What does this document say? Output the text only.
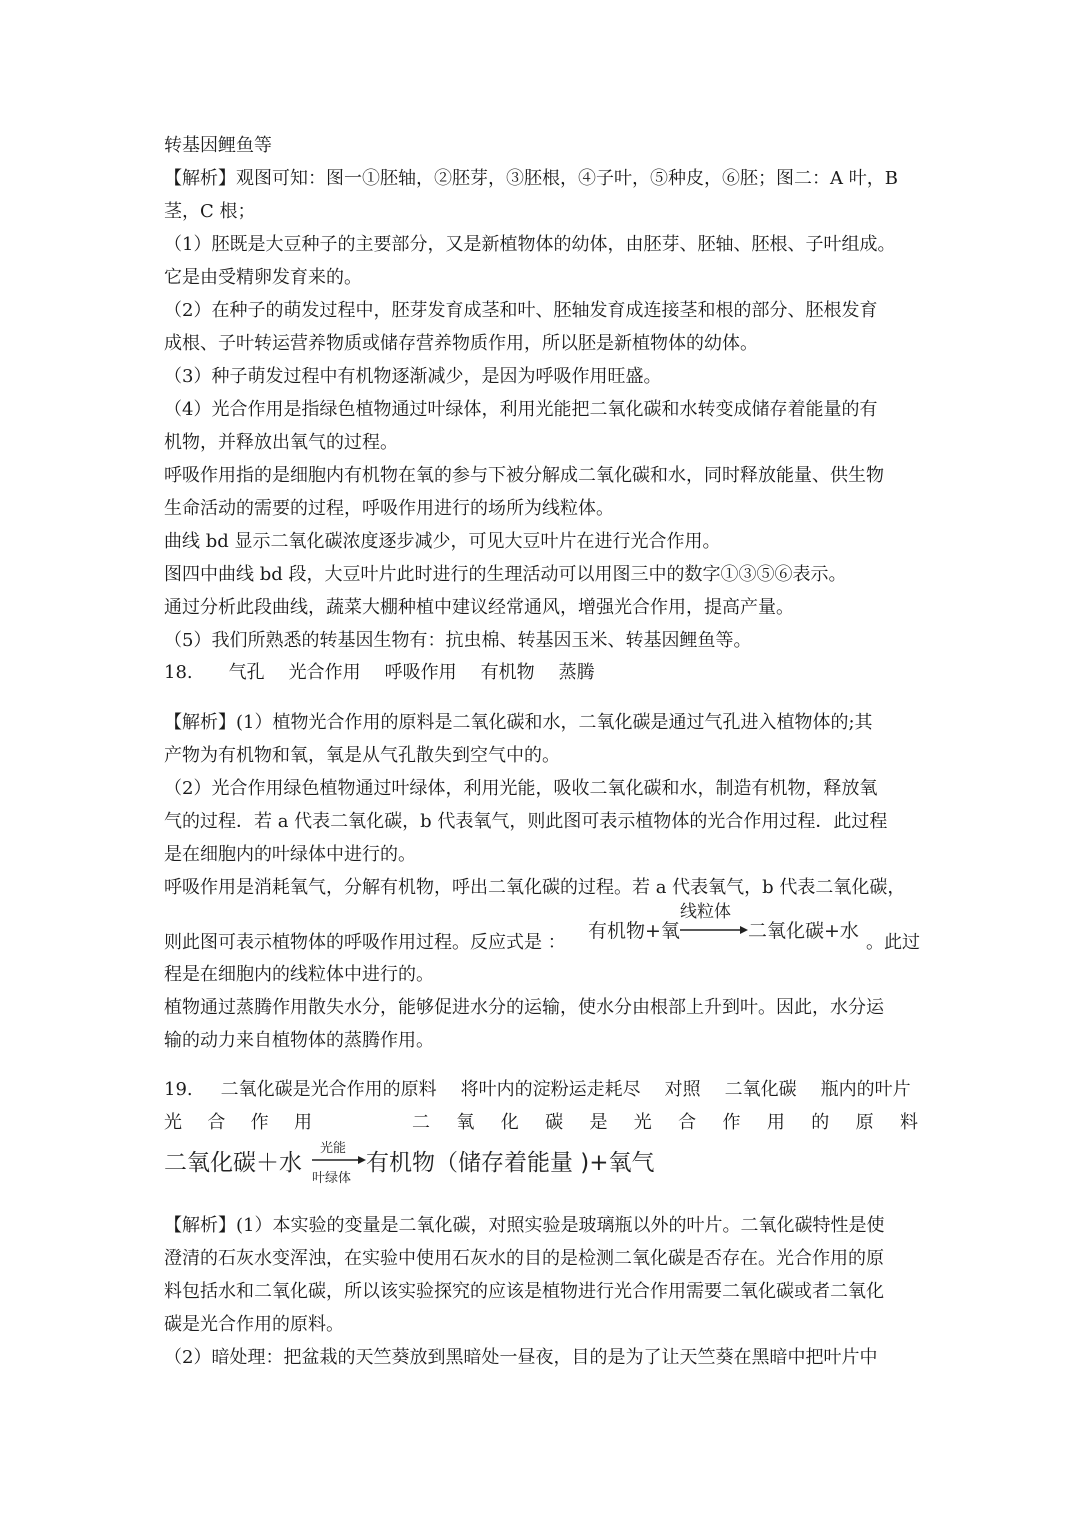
转基因鲤鱼等
【解析】观图可知：图一①胚轴，②胚芽，③胚根，④子叶，⑤种皮，⑥胚；图二：A 叶，B
茎，C 根；
（1）胚既是大豆种子的主要部分，又是新植物体的幼体，由胚芽、胚轴、胚根、子叶组成。
它是由受精卵发育来的。
（2）在种子的萌发过程中，胚芽发育成茎和叶、胚轴发育成连接茎和根的部分、胚根发育
成根、子叶转运营养物质或储存营养物质作用，所以胚是新植物体的幼体。
（3）种子萌发过程中有机物逐渐减少，是因为呼吸作用旺盛。
（4）光合作用是指绿色植物通过叶绿体，利用光能把二氧化碳和水转变成储存着能量的有
机物，并释放出氧气的过程。
呼吸作用指的是细胞内有机物在氧的参与下被分解成二氧化碳和水，同时释放能量、供生物
生命活动的需要的过程，呼吸作用进行的场所为线粒体。
曲线 bd 显示二氧化碳浓度逐步减少，可见大豆叶片在进行光合作用。
图四中曲线 bd 段，大豆叶片此时进行的生理活动可以用图三中的数字①③⑤⑥表示。
通过分析此段曲线，蔬菜大棚种植中建议经常通风，增强光合作用，提高产量。
（5）我们所熟悉的转基因生物有：抗虫棉、转基因玉米、转基因鲤鱼等。
18. 气孔 光合作用 呼吸作用 有机物 蒸腾
【解析】(1）植物光合作用的原料是二氧化碳和水，二氧化碳是通过气孔进入植物体的;其
产物为有机物和氧，氧是从气孔散失到空气中的。
（2）光合作用绿色植物通过叶绿体，利用光能，吸收二氧化碳和水，制造有机物，释放氧
气的过程．若 a 代表二氧化碳，b 代表氧气，则此图可表示植物体的光合作用过程．此过程
是在细胞内的叶绿体中进行的。
呼吸作用是消耗氧气，分解有机物，呼出二氧化碳的过程。若 a 代表氧气，b 代表二氧化碳，
则此图可表示植物体的呼吸作用过程。反应式是 ：	。此过
有机物+氧
线粒体
二氧化碳+水
程是在细胞内的线粒体中进行的。
植物通过蒸腾作用散失水分，能够促进水分的运输，使水分由根部上升到叶。因此，水分运
输的动力来自植物体的蒸腾作用。
19. 二氧化碳是光合作用的原料 将叶内的淀粉运走耗尽 对照 二氧化碳 瓶内的叶片
光 合 作 用	二 氧 化 碳 是 光 合 作 用 的 原 料
二氧化碳＋水
光能
叶绿体
有机物（储存着能量 )+氧气
【解析】(1）本实验的变量是二氧化碳，对照实验是玻璃瓶以外的叶片。二氧化碳特性是使
澄清的石灰水变浑浊，在实验中使用石灰水的目的是检测二氧化碳是否存在。光合作用的原
料包括水和二氧化碳，所以该实验探究的应该是植物进行光合作用需要二氧化碳或者二氧化
碳是光合作用的原料。
（2）暗处理：把盆栽的天竺葵放到黑暗处一昼夜，目的是为了让天竺葵在黑暗中把叶片中
